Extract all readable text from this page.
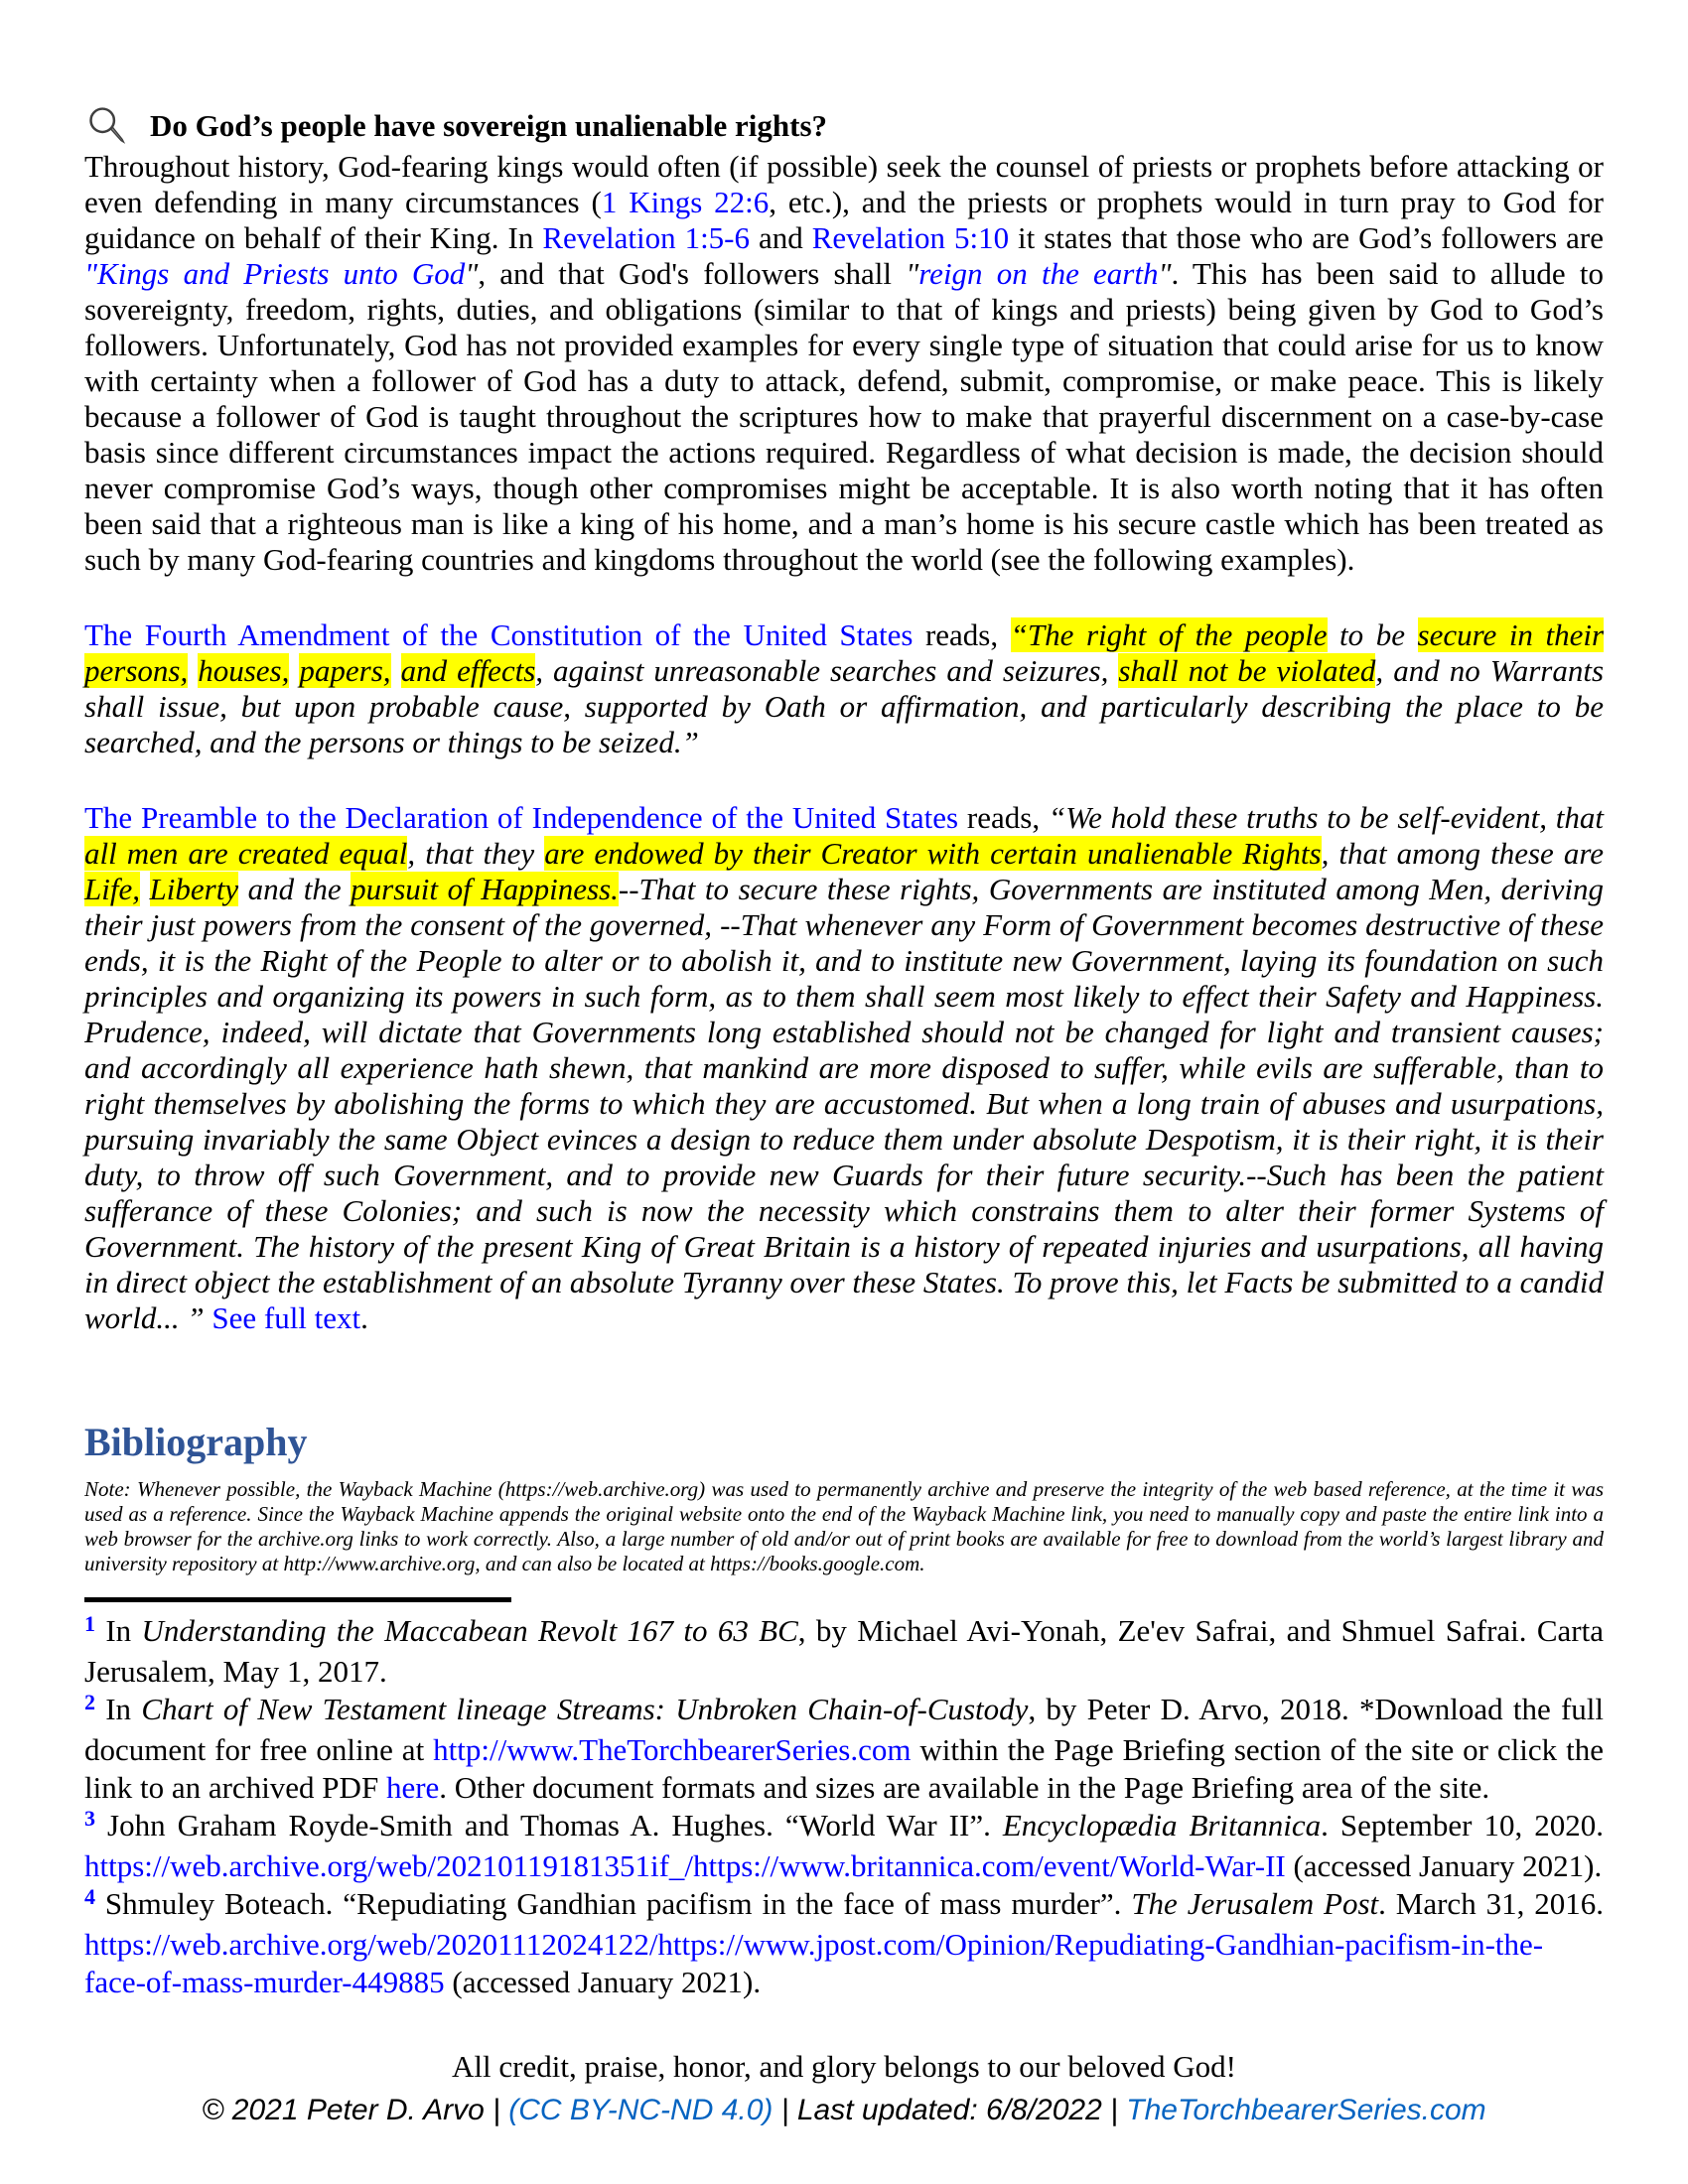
Do God’s people have sovereign unalienable rights?

Throughout history, God-fearing kings would often (if possible) seek the counsel of priests or prophets before attacking or even defending in many circumstances (1 Kings 22:6, etc.), and the priests or prophets would in turn pray to God for guidance on behalf of their King. In Revelation 1:5-6 and Revelation 5:10 it states that those who are God’s followers are "Kings and Priests unto God", and that God's followers shall "reign on the earth". This has been said to allude to sovereignty, freedom, rights, duties, and obligations (similar to that of kings and priests) being given by God to God’s followers. Unfortunately, God has not provided examples for every single type of situation that could arise for us to know with certainty when a follower of God has a duty to attack, defend, submit, compromise, or make peace. This is likely because a follower of God is taught throughout the scriptures how to make that prayerful discernment on a case-by-case basis since different circumstances impact the actions required. Regardless of what decision is made, the decision should never compromise God’s ways, though other compromises might be acceptable. It is also worth noting that it has often been said that a righteous man is like a king of his home, and a man’s home is his secure castle which has been treated as such by many God-fearing countries and kingdoms throughout the world (see the following examples).

The Fourth Amendment of the Constitution of the United States reads, “The right of the people to be secure in their persons, houses, papers, and effects, against unreasonable searches and seizures, shall not be violated, and no Warrants shall issue, but upon probable cause, supported by Oath or affirmation, and particularly describing the place to be searched, and the persons or things to be seized.”

The Preamble to the Declaration of Independence of the United States reads, “We hold these truths to be self-evident, that all men are created equal, that they are endowed by their Creator with certain unalienable Rights, that among these are Life, Liberty and the pursuit of Happiness.--That to secure these rights, Governments are instituted among Men, deriving their just powers from the consent of the governed, --That whenever any Form of Government becomes destructive of these ends, it is the Right of the People to alter or to abolish it, and to institute new Government, laying its foundation on such principles and organizing its powers in such form, as to them shall seem most likely to effect their Safety and Happiness. Prudence, indeed, will dictate that Governments long established should not be changed for light and transient causes; and accordingly all experience hath shewn, that mankind are more disposed to suffer, while evils are sufferable, than to right themselves by abolishing the forms to which they are accustomed. But when a long train of abuses and usurpations, pursuing invariably the same Object evinces a design to reduce them under absolute Despotism, it is their right, it is their duty, to throw off such Government, and to provide new Guards for their future security.--Such has been the patient sufferance of these Colonies; and such is now the necessity which constrains them to alter their former Systems of Government. The history of the present King of Great Britain is a history of repeated injuries and usurpations, all having in direct object the establishment of an absolute Tyranny over these States. To prove this, let Facts be submitted to a candid world... ” See full text.

Bibliography

Note: Whenever possible, the Wayback Machine (https://web.archive.org) was used to permanently archive and preserve the integrity of the web based reference, at the time it was used as a reference. Since the Wayback Machine appends the original website onto the end of the Wayback Machine link, you need to manually copy and paste the entire link into a web browser for the archive.org links to work correctly. Also, a large number of old and/or out of print books are available for free to download from the world’s largest library and university repository at http://www.archive.org, and can also be located at https://books.google.com.

$^1$ In Understanding the Maccabean Revolt 167 to 63 BC, by Michael Avi-Yonah, Ze'ev Safrai, and Shmuel Safrai. Carta Jerusalem, May 1, 2017.

$^2$ In Chart of New Testament lineage Streams: Unbroken Chain-of-Custody, by Peter D. Arvo, 2018. *Download the full document for free online at http://www.TheTorchbearerSeries.com within the Page Briefing section of the site or click the link to an archived PDF here. Other document formats and sizes are available in the Page Briefing area of the site.

$^3$ John Graham Royde-Smith and Thomas A. Hughes. “World War II”. Encyclopædia Britannica. September 10, 2020. https://web.archive.org/web/20210119181351if_/https://www.britannica.com/event/World-War-II (accessed January 2021).

$^4$ Shmuley Boteach. “Repudiating Gandhian pacifism in the face of mass murder”. The Jerusalem Post. March 31, 2016. https://web.archive.org/web/20201112024122/https://www.jpost.com/Opinion/Repudiating-Gandhian-pacifism-in-the-face-of-mass-murder-449885 (accessed January 2021).

All credit, praise, honor, and glory belongs to our beloved God!
© 2021 Peter D. Arvo | (CC BY-NC-ND 4.0) | Last updated: 6/8/2022 | TheTorchbearerSeries.com
